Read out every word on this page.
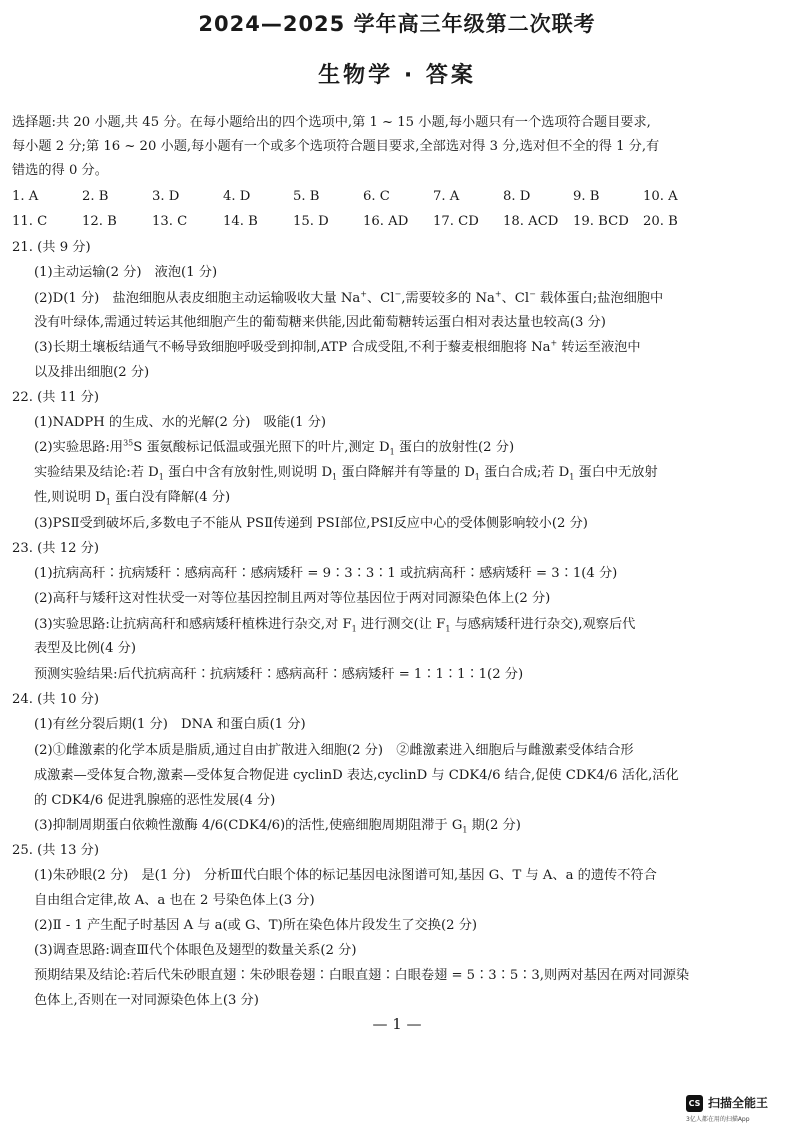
2024—2025 学年高三年级第二次联考
生物学 · 答案
选择题:共 20 小题,共 45 分。在每小题给出的四个选项中,第 1 ~ 15 小题,每小题只有一个选项符合题目要求,
每小题 2 分;第 16 ~ 20 小题,每小题有一个或多个选项符合题目要求,全部选对得 3 分,选对但不全的得 1 分,有
错选的得 0 分。
1. A	2. B	3. D	4. D	5. B	6. C	7. A	8. D	9. B	10. A
11. C	12. B	13. C	14. B	15. D	16. AD 17. CD 18. ACD 19. BCD 20. B
21. (共 9 分)
(1)主动运输(2 分)　液泡(1 分)
(2)D(1 分)　盐泡细胞从表皮细胞主动运输吸收大量 Na+、Cl−,需要较多的 Na+、Cl− 载体蛋白;盐泡细胞中
没有叶绿体,需通过转运其他细胞产生的葡萄糖来供能,因此葡萄糖转运蛋白相对表达量也较高(3 分)
(3)长期土壤板结通气不畅导致细胞呼吸受到抑制,ATP 合成受阻,不利于藜麦根细胞将 Na+ 转运至液泡中
以及排出细胞(2 分)
22. (共 11 分)
(1)NADPH 的生成、水的光解(2 分)　吸能(1 分)
(2)实验思路:用$^{35}$S 蛋氨酸标记低温或强光照下的叶片,测定 $D_1$ 蛋白的放射性(2 分)
实验结果及结论:若 $D_1$ 蛋白中含有放射性,则说明 $D_1$ 蛋白降解并有等量的 $D_1$ 蛋白合成;若 $D_1$ 蛋白中无放射
性,则说明 $D_1$ 蛋白没有降解(4 分)
(3)PSⅡ受到破坏后,多数电子不能从 PSⅡ传递到 PSⅠ部位,PSⅠ反应中心的受体侧影响较小(2 分)
23. (共 12 分)
(1)抗病高秆∶抗病矮秆∶感病高秆∶感病矮秆 = 9∶3∶3∶1 或抗病高秆∶感病矮秆 = 3∶1(4 分)
(2)高秆与矮秆这对性状受一对等位基因控制且两对等位基因位于两对同源染色体上(2 分)
(3)实验思路:让抗病高秆和感病矮秆植株进行杂交,对 $F_1$ 进行测交(让 $F_1$ 与感病矮秆进行杂交),观察后代
表型及比例(4 分)
预测实验结果:后代抗病高秆∶抗病矮秆∶感病高秆∶感病矮秆 = 1∶1∶1∶1(2 分)
24. (共 10 分)
(1)有丝分裂后期(1 分)　DNA 和蛋白质(1 分)
(2)①雌激素的化学本质是脂质,通过自由扩散进入细胞(2 分)　②雌激素进入细胞后与雌激素受体结合形
成激素—受体复合物,激素—受体复合物促进 cyclinD 表达,cyclinD 与 CDK4/6 结合,促使 CDK4/6 活化,活化
的 CDK4/6 促进乳腺癌的恶性发展(4 分)
(3)抑制周期蛋白依赖性激酶 4/6(CDK4/6)的活性,使癌细胞周期阻滞于 $G_1$ 期(2 分)
25. (共 13 分)
(1)朱砂眼(2 分)　是(1 分)　分析Ⅲ代白眼个体的标记基因电泳图谱可知,基因 G、T 与 A、a 的遗传不符合
自由组合定律,故 A、a 也在 2 号染色体上(3 分)
(2)Ⅱ - 1 产生配子时基因 A 与 a(或 G、T)所在染色体片段发生了交换(2 分)
(3)调查思路:调查Ⅲ代个体眼色及翅型的数量关系(2 分)
预期结果及结论:若后代朱砂眼直翅∶朱砂眼卷翅∶白眼直翅∶白眼卷翅 = 5∶3∶5∶3,则两对基因在两对同源染
色体上,否则在一对同源染色体上(3 分)
— 1 —
CS 扫描全能王
3亿人都在用的扫描App
